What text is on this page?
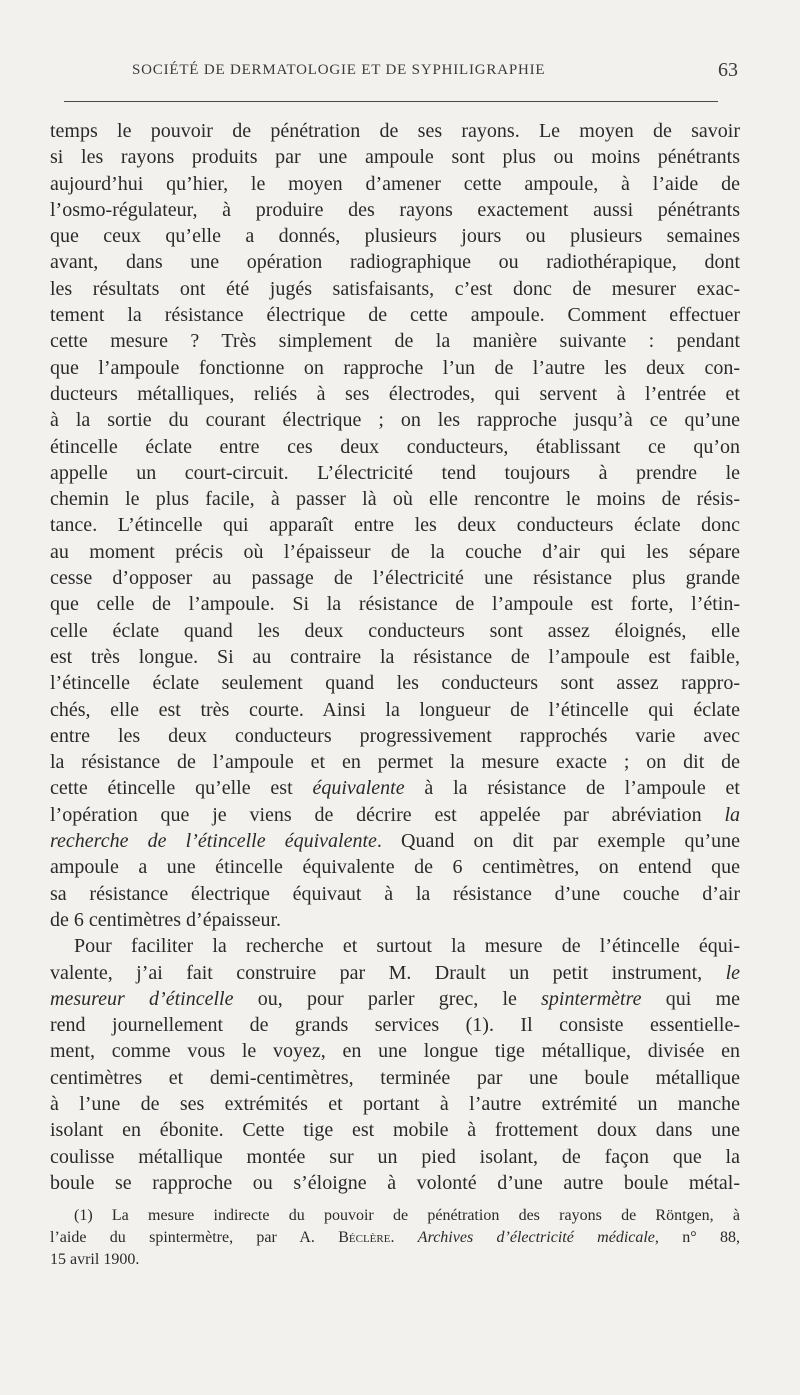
SOCIÉTÉ DE DERMATOLOGIE ET DE SYPHILIGRAPHIE	63
temps le pouvoir de pénétration de ses rayons. Le moyen de savoir
si les rayons produits par une ampoule sont plus ou moins pénétrants
aujourd’hui qu’hier, le moyen d’amener cette ampoule, à l’aide de
l’osmo-régulateur, à produire des rayons exactement aussi pénétrants
que ceux qu’elle a donnés, plusieurs jours ou plusieurs semaines
avant, dans une opération radiographique ou radiothérapique, dont
les résultats ont été jugés satisfaisants, c’est donc de mesurer exac-
tement la résistance électrique de cette ampoule. Comment effectuer
cette mesure ? Très simplement de la manière suivante : pendant
que l’ampoule fonctionne on rapproche l’un de l’autre les deux con-
ducteurs métalliques, reliés à ses électrodes, qui servent à l’entrée et
à la sortie du courant électrique ; on les rapproche jusqu’à ce qu’une
étincelle éclate entre ces deux conducteurs, établissant ce qu’on
appelle un court-circuit. L’électricité tend toujours à prendre le
chemin le plus facile, à passer là où elle rencontre le moins de résis-
tance. L’étincelle qui apparaît entre les deux conducteurs éclate donc
au moment précis où l’épaisseur de la couche d’air qui les sépare
cesse d’opposer au passage de l’électricité une résistance plus grande
que celle de l’ampoule. Si la résistance de l’ampoule est forte, l’étin-
celle éclate quand les deux conducteurs sont assez éloignés, elle
est très longue. Si au contraire la résistance de l’ampoule est faible,
l’étincelle éclate seulement quand les conducteurs sont assez rappro-
chés, elle est très courte. Ainsi la longueur de l’étincelle qui éclate
entre les deux conducteurs progressivement rapprochés varie avec
la résistance de l’ampoule et en permet la mesure exacte ; on dit de
cette étincelle qu’elle est équivalente à la résistance de l’ampoule et
l’opération que je viens de décrire est appelée par abréviation la
recherche de l’étincelle équivalente. Quand on dit par exemple qu’une
ampoule a une étincelle équivalente de 6 centimètres, on entend que
sa résistance électrique équivaut à la résistance d’une couche d’air
de 6 centimètres d’épaisseur.
Pour faciliter la recherche et surtout la mesure de l’étincelle équi-
valente, j’ai fait construire par M. Drault un petit instrument, le
mesureur d’étincelle ou, pour parler grec, le spintermètre qui me
rend journellement de grands services (1). Il consiste essentielle-
ment, comme vous le voyez, en une longue tige métallique, divisée en
centimètres et demi-centimètres, terminée par une boule métallique
à l’une de ses extrémités et portant à l’autre extrémité un manche
isolant en ébonite. Cette tige est mobile à frottement doux dans une
coulisse métallique montée sur un pied isolant, de façon que la
boule se rapproche ou s’éloigne à volonté d’une autre boule métal-
(1) La mesure indirecte du pouvoir de pénétration des rayons de Röntgen, à
l’aide du spintermètre, par A. Béclère. Archives d’électricité médicale, n° 88,
15 avril 1900.
